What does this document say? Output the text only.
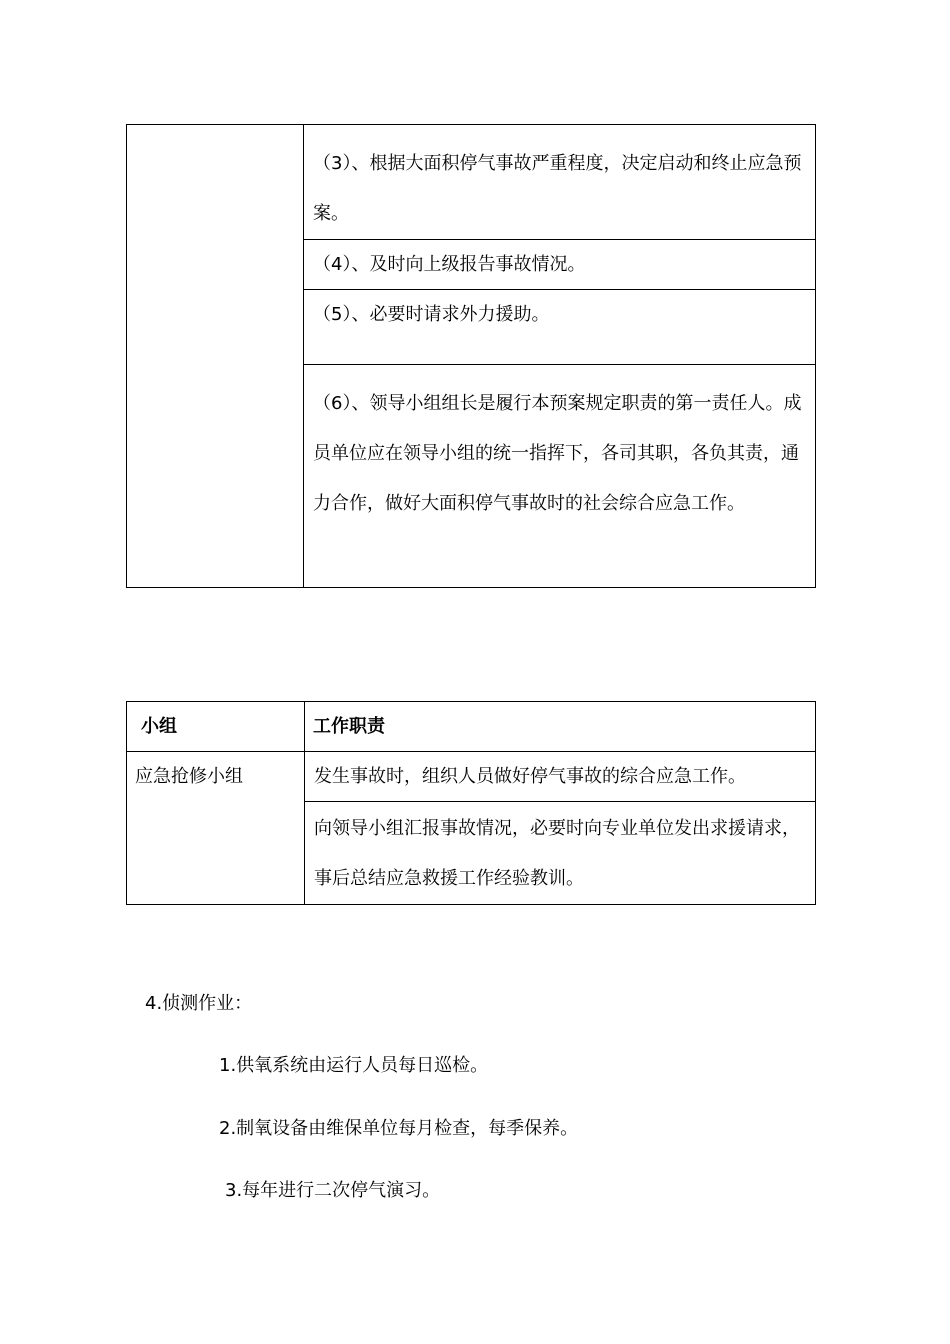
（3）、根据大面积停气事故严重程度，决定启动和终止应急预案。

（4）、及时向上级报告事故情况。

（5）、必要时请求外力援助。

（6）、领导小组组长是履行本预案规定职责的第一责任人。成员单位应在领导小组的统一指挥下，各司其职，各负其责，通力合作，做好大面积停气事故时的社会综合应急工作。
小组	工作职责

应急抢修小组	发生事故时，组织人员做好停气事故的综合应急工作。

	向领导小组汇报事故情况，必要时向专业单位发出求援请求，事后总结应急救援工作经验教训。
4.侦测作业：
1.供氧系统由运行人员每日巡检。
2.制氧设备由维保单位每月检查，每季保养。
3.每年进行二次停气演习。
